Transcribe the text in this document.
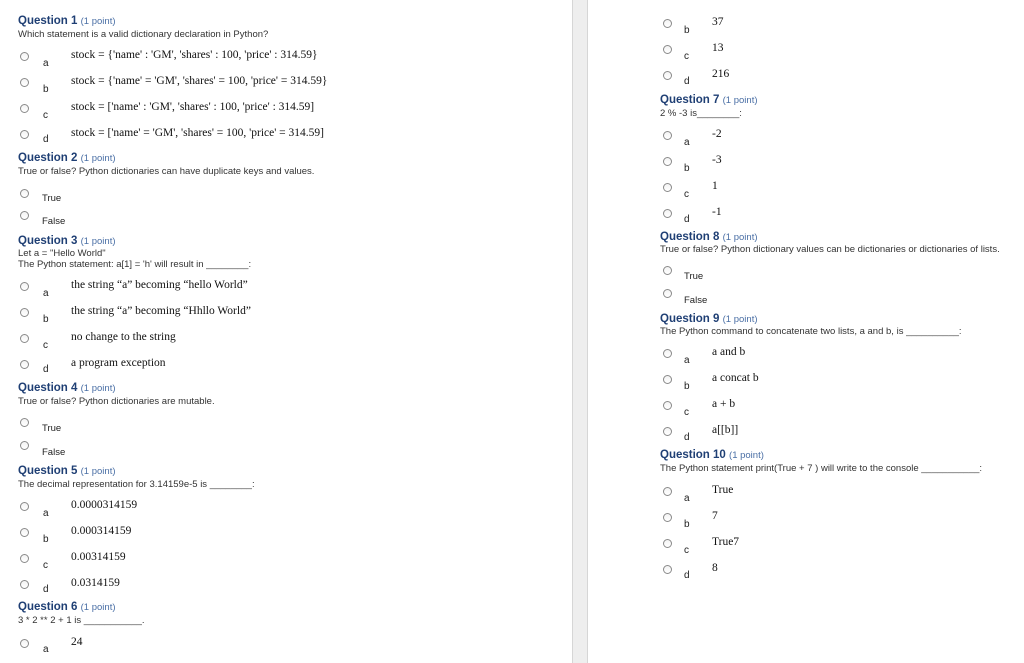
Question 1 (1 point)
Which statement is a valid dictionary declaration in Python?
a
stock = {'name' : 'GM', 'shares' : 100, 'price' : 314.59}
b
stock = {'name' = 'GM', 'shares' = 100, 'price' = 314.59}
c
stock = ['name' : 'GM', 'shares' : 100, 'price' : 314.59]
d
stock = ['name' = 'GM', 'shares' = 100, 'price' = 314.59]
Question 2 (1 point)
True or false? Python dictionaries can have duplicate keys and values.
True
False
Question 3 (1 point)
Let a = "Hello World"
The Python statement: a[1] = 'h' will result in ________:
a
the string “a” becoming “hello World”
b
the string “a” becoming “Hhllo World”
c
no change to the string
d
a program exception
Question 4 (1 point)
True or false? Python dictionaries are mutable.
True
False
Question 5 (1 point)
The decimal representation for 3.14159e-5 is ________:
a
0.0000314159
b
0.000314159
c
0.00314159
d
0.0314159
Question 6 (1 point)
3 * 2 ** 2 + 1 is ___________.
a
24
b
37
c
13
d
216
Question 7 (1 point)
2 % -3 is________:
a
-2
b
-3
c
1
d
-1
Question 8 (1 point)
True or false? Python dictionary values can be dictionaries or dictionaries of lists.
True
False
Question 9 (1 point)
The Python command to concatenate two lists, a and b, is __________:
a
a and b
b
a concat b
c
a + b
d
a[[b]]
Question 10 (1 point)
The Python statement print(True + 7 ) will write to the console ___________:
a
True
b
7
c
True7
d
8
